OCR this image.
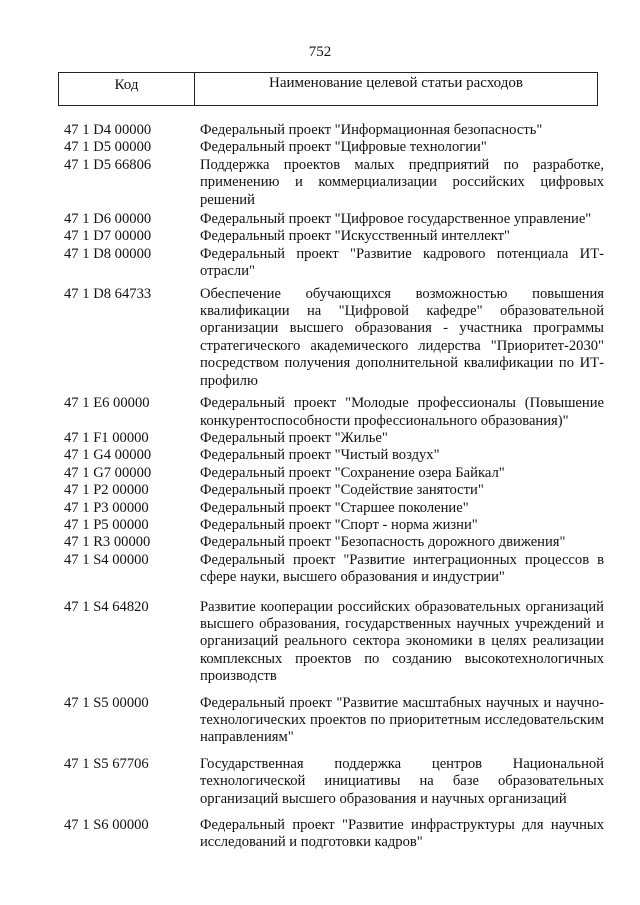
752
Код	Наименование целевой статьи расходов
47 1 D4 00000	Федеральный проект "Информационная безопасность"
47 1 D5 00000	Федеральный проект "Цифровые технологии"
47 1 D5 66806	Поддержка проектов малых предприятий по разработке, применению и коммерциализации российских цифровых решений
47 1 D6 00000	Федеральный проект "Цифровое государственное управление"
47 1 D7 00000	Федеральный проект "Искусственный интеллект"
47 1 D8 00000	Федеральный проект "Развитие кадрового потенциала ИТ-отрасли"
47 1 D8 64733	Обеспечение обучающихся возможностью повышения квалификации на "Цифровой кафедре" образовательной организации высшего образования - участника программы стратегического академического лидерства "Приоритет-2030" посредством получения дополнительной квалификации по ИТ-профилю
47 1 E6 00000	Федеральный проект "Молодые профессионалы (Повышение конкурентоспособности профессионального образования)"
47 1 F1 00000	Федеральный проект "Жилье"
47 1 G4 00000	Федеральный проект "Чистый воздух"
47 1 G7 00000	Федеральный проект "Сохранение озера Байкал"
47 1 P2 00000	Федеральный проект "Содействие занятости"
47 1 P3 00000	Федеральный проект "Старшее поколение"
47 1 P5 00000	Федеральный проект "Спорт - норма жизни"
47 1 R3 00000	Федеральный проект "Безопасность дорожного движения"
47 1 S4 00000	Федеральный проект "Развитие интеграционных процессов в сфере науки, высшего образования и индустрии"
47 1 S4 64820	Развитие кооперации российских образовательных организаций высшего образования, государственных научных учреждений и организаций реального сектора экономики в целях реализации комплексных проектов по созданию высокотехнологичных производств
47 1 S5 00000	Федеральный проект "Развитие масштабных научных и научно-технологических проектов по приоритетным исследовательским направлениям"
47 1 S5 67706	Государственная поддержка центров Национальной технологической инициативы на базе образовательных организаций высшего образования и научных организаций
47 1 S6 00000	Федеральный проект "Развитие инфраструктуры для научных исследований и подготовки кадров"
